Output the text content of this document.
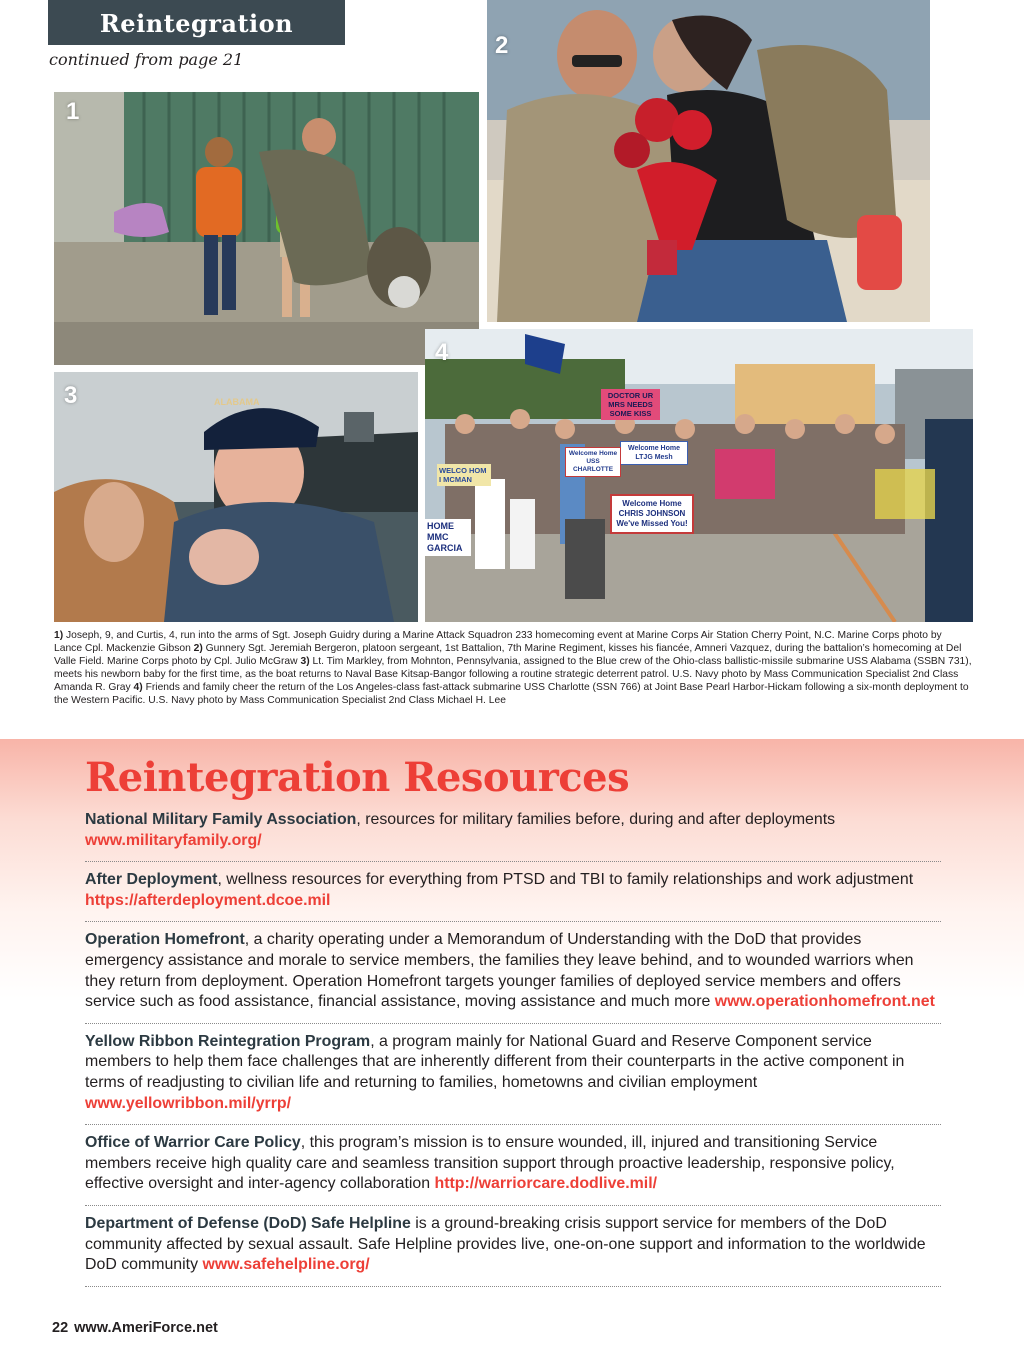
Reintegration
continued from page 21
1
2
ALABAMA
3	DOCTOR UR MRS NEEDS SOME KISS
Welcome Home LTJG Mesh
Welcome Home USS CHARLOTTE
Welcome Home CHRIS JOHNSON We've Missed You!
HOME MMC GARCIA
WELCO HOM I MCMAN
4
1) Joseph, 9, and Curtis, 4, run into the arms of Sgt. Joseph Guidry during a Marine Attack Squadron 233 homecoming event at Marine Corps Air Station Cherry Point, N.C. Marine Corps photo by Lance Cpl. Mackenzie Gibson 2) Gunnery Sgt. Jeremiah Bergeron, platoon sergeant, 1st Battalion, 7th Marine Regiment, kisses his fiancée, Amneri Vazquez, during the battalion’s homecoming at Del Valle Field. Marine Corps photo by Cpl. Julio McGraw 3) Lt. Tim Markley, from Mohnton, Pennsylvania, assigned to the Blue crew of the Ohio-class ballistic-missile submarine USS Alabama (SSBN 731), meets his newborn baby for the first time, as the boat returns to Naval Base Kitsap-Bangor following a routine strategic deterrent patrol. U.S. Navy photo by Mass Communication Specialist 2nd Class Amanda R. Gray 4) Friends and family cheer the return of the Los Angeles-class fast-attack submarine USS Charlotte (SSN 766) at Joint Base Pearl Harbor-Hickam following a six-month deployment to the Western Pacific. U.S. Navy photo by Mass Communication Specialist 2nd Class Michael H. Lee
Reintegration Resources
National Military Family Association, resources for military families before, during and after deployments www.militaryfamily.org/
After Deployment, wellness resources for everything from PTSD and TBI to family relationships and work adjustment https://afterdeployment.dcoe.mil
Operation Homefront, a charity operating under a Memorandum of Understanding with the DoD that provides emergency assistance and morale to service members, the families they leave behind, and to wounded warriors when they return from deployment. Operation Homefront targets younger families of deployed service members and offers service such as food assistance, financial assistance, moving assistance and much more www.operationhomefront.net
Yellow Ribbon Reintegration Program, a program mainly for National Guard and Reserve Component service members to help them face challenges that are inherently different from their counterparts in the active component in terms of readjusting to civilian life and returning to families, hometowns and civilian employment www.yellowribbon.mil/yrrp/
Office of Warrior Care Policy, this program’s mission is to ensure wounded, ill, injured and transitioning Service members receive high quality care and seamless transition support through proactive leadership, responsive policy, effective oversight and inter-agency collaboration http://warriorcare.dodlive.mil/
Department of Defense (DoD) Safe Helpline is a ground-breaking crisis support service for members of the DoD community affected by sexual assault. Safe Helpline provides live, one-on-one support and information to the worldwide DoD community www.safehelpline.org/
22 www.AmeriForce.net
